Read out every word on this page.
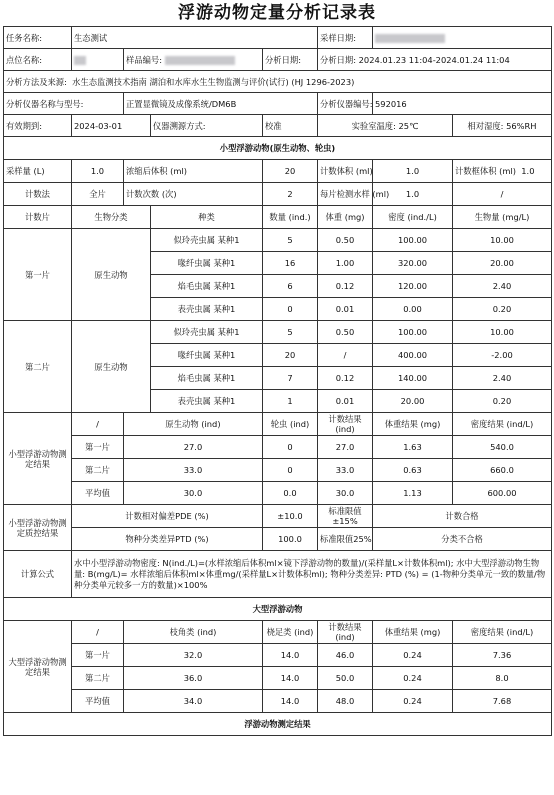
浮游动物定量分析记录表
任务名称:	生态测试				采样日期:		
点位名称:		样品编号:		分析日期:	分析日期: 2024.01.23 11:04-2024.01.24 11:04		
分析方法及来源: 水生态监测技术指南 湖泊和水库水生生物监测与评价(试行) (HJ 1296-2023)							
分析仪器名称与型号:		正置显微镜及成像系统/DM6B			分析仪器编号:	592016	
有效期到:	2024-03-01		仪器溯源方式:	校准	实验室温度: 25℃		相对湿度: 56%RH
小型浮游动物(原生动物、轮虫)							
采样量 (L)	1.0	浓缩后体积 (ml)		20	计数体积 (ml)	1.0	计数框体积 (ml) 1.0
计数法	全片	计数次数 (次)		2	每片检测水样 (ml)	1.0	/
计数片	生物分类		种类	数量 (ind.)	体重 (mg)	密度 (ind./L)	生物量 (mg/L)
第一片	原生动物		似玲壳虫属 某种1	5	0.50	100.00	10.00
			喙纤虫属 某种1	16	1.00	320.00	20.00
			焰毛虫属 某种1	6	0.12	120.00	2.40
			表壳虫属 某种1	0	0.01	0.00	0.20
第二片	原生动物		似玲壳虫属 某种1	5	0.50	100.00	10.00
			喙纤虫属 某种1	20	/	400.00	-2.00
			焰毛虫属 某种1	7	0.12	140.00	2.40
			表壳虫属 某种1	1	0.01	20.00	0.20
小型浮游动物测定结果	/	原生动物 (ind)		轮虫 (ind)	计数结果 (ind)	体重结果 (mg)	密度结果 (ind/L)
	第一片	27.0		0	27.0	1.63	540.0
	第二片	33.0		0	33.0	0.63	660.0
	平均值	30.0		0.0	30.0	1.13	600.00
小型浮游动物测定质控结果	计数相对偏差PDE (%)			±10.0	标准限值±15%	计数合格	
	物种分类差异PTD (%)			100.0	标准限值25%	分类不合格	
计算公式	水中小型浮游动物密度: N(ind./L)=(水样浓缩后体积ml×镜下浮游动物的数量)/(采样量L×计数体积ml); 水中大型浮游动物生物量: B(mg/L)= 水样浓缩后体积ml×体重mg/(采样量L×计数体积ml); 物种分类差异: PTD (%) = (1-物种分类单元一致的数量/物种分类单元较多一方的数量)×100%						
大型浮游动物							
大型浮游动物测定结果	/	枝角类 (ind)		桡足类 (ind)	计数结果 (ind)	体重结果 (mg)	密度结果 (ind/L)
	第一片	32.0		14.0	46.0	0.24	7.36
	第二片	36.0		14.0	50.0	0.24	8.0
	平均值	34.0		14.0	48.0	0.24	7.68
浮游动物测定结果							
